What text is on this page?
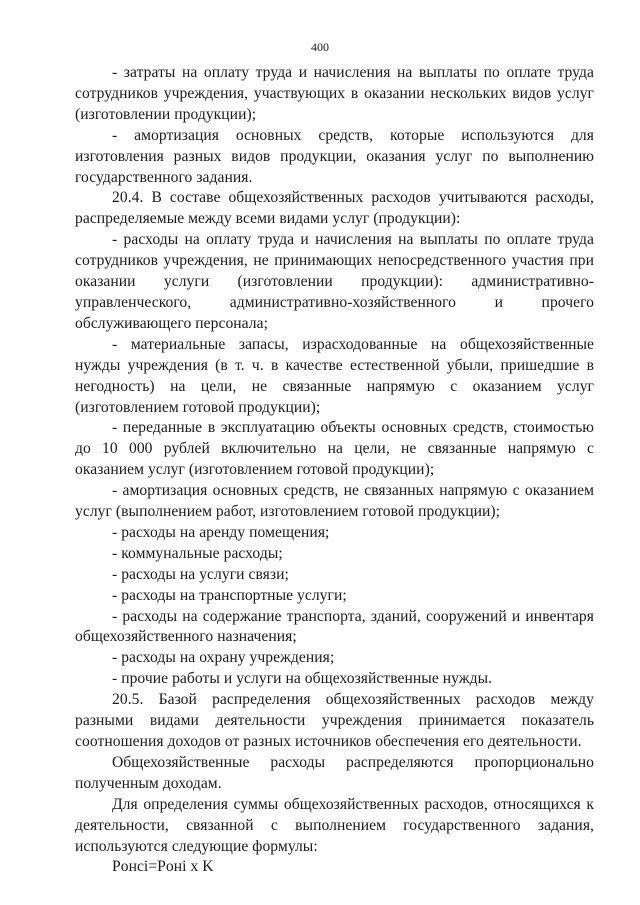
400

- затраты на оплату труда и начисления на выплаты по оплате труда сотрудников учреждения, участвующих в оказании нескольких видов услуг (изготовлении продукции);

- амортизация основных средств, которые используются для изготовления разных видов продукции, оказания услуг по выполнению государственного задания.

20.4. В составе общехозяйственных расходов учитываются расходы, распределяемые между всеми видами услуг (продукции):

- расходы на оплату труда и начисления на выплаты по оплате труда сотрудников учреждения, не принимающих непосредственного участия при оказании услуги (изготовлении продукции): административно-управленческого, административно-хозяйственного и прочего обслуживающего персонала;

- материальные запасы, израсходованные на общехозяйственные нужды учреждения (в т. ч. в качестве естественной убыли, пришедшие в негодность) на цели, не связанные напрямую с оказанием услуг (изготовлением готовой продукции);

- переданные в эксплуатацию объекты основных средств, стоимостью до 10 000 рублей включительно на цели, не связанные напрямую с оказанием услуг (изготовлением готовой продукции);

- амортизация основных средств, не связанных напрямую с оказанием услуг (выполнением работ, изготовлением готовой продукции);

- расходы на аренду помещения;

- коммунальные расходы;

- расходы на услуги связи;

- расходы на транспортные услуги;

- расходы на содержание транспорта, зданий, сооружений и инвентаря общехозяйственного назначения;

- расходы на охрану учреждения;

- прочие работы и услуги на общехозяйственные нужды.

20.5. Базой распределения общехозяйственных расходов между разными видами деятельности учреждения принимается показатель соотношения доходов от разных источников обеспечения его деятельности.

Общехозяйственные расходы распределяются пропорционально полученным доходам.

Для определения суммы общехозяйственных расходов, относящихся к деятельности, связанной с выполнением государственного задания, используются следующие формулы:

Poнci=Poнi x K
